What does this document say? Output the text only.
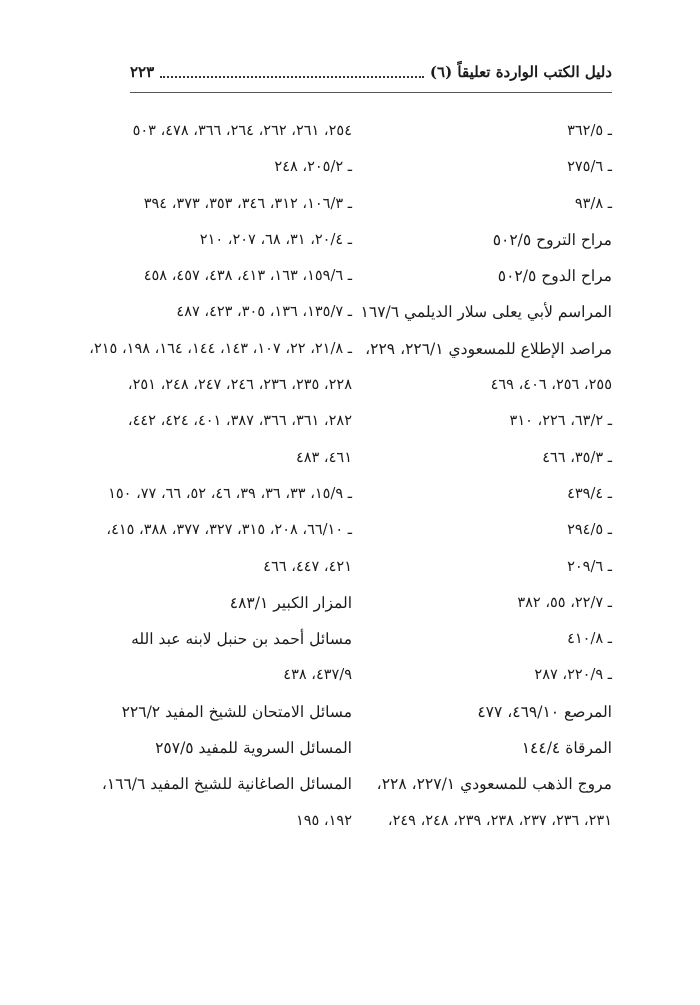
دليل الكتب الواردة تعليقاً (٦)
٢٢٣
ـ ٣٦٢/٥
ـ ٢٧٥/٦
ـ ٩٣/٨
مراح التروح ٥٠٢/٥
مراح الدوح ٥٠٢/٥
المراسم لأبي يعلى سلار الديلمي ١٦٧/٦
مراصد الإطلاع للمسعودي ٢٢٦/١، ٢٢٩،
٢٥٥، ٢٥٦، ٤٠٦، ٤٦٩
ـ ٦٣/٢، ٢٢٦، ٣١٠
ـ ٣٥/٣، ٤٦٦
ـ ٤٣٩/٤
ـ ٢٩٤/٥
ـ ٢٠٩/٦
ـ ٢٢/٧، ٥٥، ٣٨٢
ـ ٤١٠/٨
ـ ٢٢٠/٩، ٢٨٧
المرصع ٤٦٩/١٠، ٤٧٧
المرقاة ١٤٤/٤
مروج الذهب للمسعودي ٢٢٧/١، ٢٢٨،
٢٣١، ٢٣٦، ٢٣٧، ٢٣٨، ٢٣٩، ٢٤٨، ٢٤٩،
٢٥٤، ٢٦١، ٢٦٢، ٢٦٤، ٣٦٦، ٤٧٨، ٥٠٣
ـ ٢٠٥/٢، ٢٤٨
ـ ١٠٦/٣، ٣١٢، ٣٤٦، ٣٥٣، ٣٧٣، ٣٩٤
ـ ٢٠/٤، ٣١، ٦٨، ٢٠٧، ٢١٠
ـ ١٥٩/٦، ١٦٣، ٤١٣، ٤٣٨، ٤٥٧، ٤٥٨
ـ ١٣٥/٧، ١٣٦، ٣٠٥، ٤٢٣، ٤٨٧
ـ ٢١/٨، ٢٢، ١٠٧، ١٤٣، ١٤٤، ١٦٤، ١٩٨، ٢١٥،
٢٢٨، ٢٣٥، ٢٣٦، ٢٤٦، ٢٤٧، ٢٤٨، ٢٥١،
٢٨٢، ٣٦١، ٣٦٦، ٣٨٧، ٤٠١، ٤٢٤، ٤٤٢،
٤٦١، ٤٨٣
ـ ١٥/٩، ٣٣، ٣٦، ٣٩، ٤٦، ٥٢، ٦٦، ٧٧، ١٥٠
ـ ٦٦/١٠، ٢٠٨، ٣١٥، ٣٢٧، ٣٧٧، ٣٨٨، ٤١٥،
٤٢١، ٤٤٧، ٤٦٦
المزار الكبير ٤٨٣/١
مسائل أحمد بن حنبل لابنه عبد الله
٤٣٧/٩، ٤٣٨
مسائل الامتحان للشيخ المفيد ٢٢٦/٢
المسائل السروية للمفيد ٢٥٧/٥
المسائل الصاغانية للشيخ المفيد ١٦٦/٦،
١٩٢، ١٩٥
